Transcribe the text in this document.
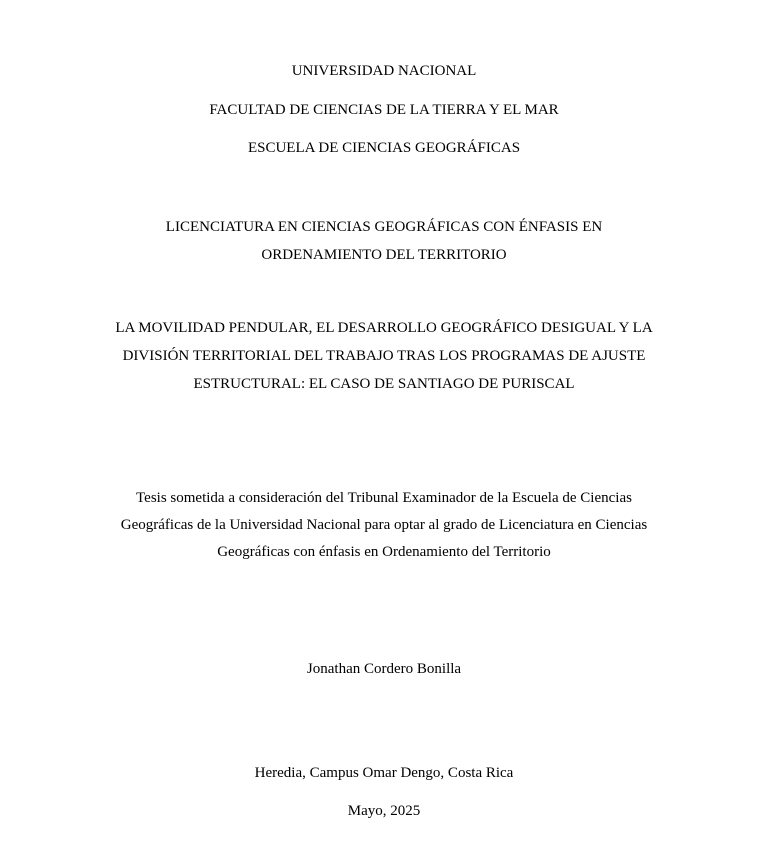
UNIVERSIDAD NACIONAL
FACULTAD DE CIENCIAS DE LA TIERRA Y EL MAR
ESCUELA DE CIENCIAS GEOGRÁFICAS
LICENCIATURA EN CIENCIAS GEOGRÁFICAS CON ÉNFASIS EN
ORDENAMIENTO DEL TERRITORIO
LA MOVILIDAD PENDULAR, EL DESARROLLO GEOGRÁFICO DESIGUAL Y LA
DIVISIÓN TERRITORIAL DEL TRABAJO TRAS LOS PROGRAMAS DE AJUSTE
ESTRUCTURAL: EL CASO DE SANTIAGO DE PURISCAL
Tesis sometida a consideración del Tribunal Examinador de la Escuela de Ciencias
Geográficas de la Universidad Nacional para optar al grado de Licenciatura en Ciencias
Geográficas con énfasis en Ordenamiento del Territorio
Jonathan Cordero Bonilla
Heredia, Campus Omar Dengo, Costa Rica
Mayo, 2025
